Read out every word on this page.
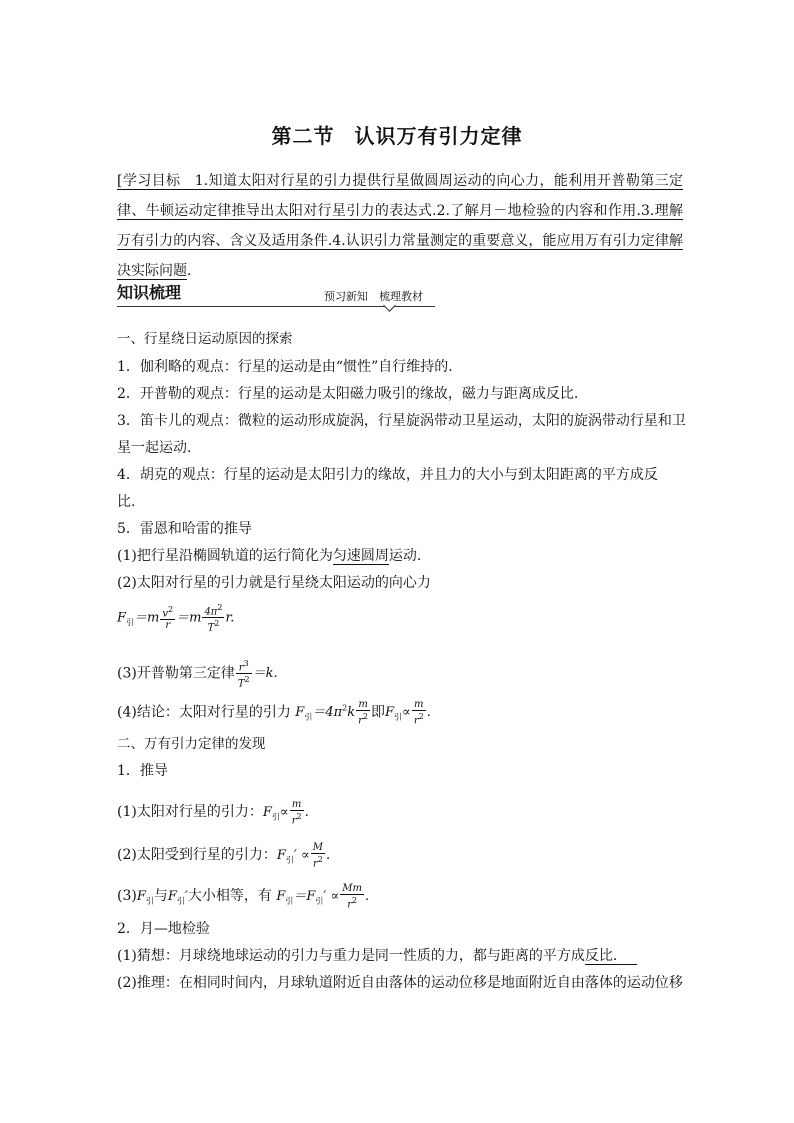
第二节 认识万有引力定律
[学习目标　1.知道太阳对行星的引力提供行星做圆周运动的向心力，能利用开普勒第三定律、牛顿运动定律推导出太阳对行星引力的表达式.2.了解月－地检验的内容和作用.3.理解万有引力的内容、含义及适用条件.4.认识引力常量测定的重要意义，能应用万有引力定律解决实际问题.
知识梳理	预习新知　梳理教材
一、行星绕日运动原因的探索
1．伽利略的观点：行星的运动是由“惯性”自行维持的.
2．开普勒的观点：行星的运动是太阳磁力吸引的缘故，磁力与距离成反比.
3．笛卡儿的观点：微粒的运动形成旋涡，行星旋涡带动卫星运动，太阳的旋涡带动行星和卫
星一起运动.
4．胡克的观点：行星的运动是太阳引力的缘故，并且力的大小与到太阳距离的平方成反
比.
5．雷恩和哈雷的推导
(1)把行星沿椭圆轨道的运行简化为匀速圆周运动.
(2)太阳对行星的引力就是行星绕太阳运动的向心力
$F_引=m \frac{v^2}{r} =m \frac{4\pi^2}{T^2} r$.
(3)开普勒第三定律 $\frac{r^3}{T^2} =k$.
(4)结论：太阳对行星的引力 $F_引=4\pi^2k \frac{m}{r^2}$ 即$F_引\propto \frac{m}{r^2}$ .
二、万有引力定律的发现
1．推导
(1)太阳对行星的引力：$F_引\propto \frac{m}{r^2}$ .
(2)太阳受到行星的引力：$F_引' \propto \frac{M}{r^2}$ .
$(3)F_引$与$F_引'$大小相等，有 $F_引=F_引' \propto \frac{Mm}{r^2}$ .
2．月—地检验
(1)猜想：月球绕地球运动的引力与重力是同一性质的力，都与距离的平方成反比．
(2)推理：在相同时间内，月球轨道附近自由落体的运动位移是地面附近自由落体的运动位移
